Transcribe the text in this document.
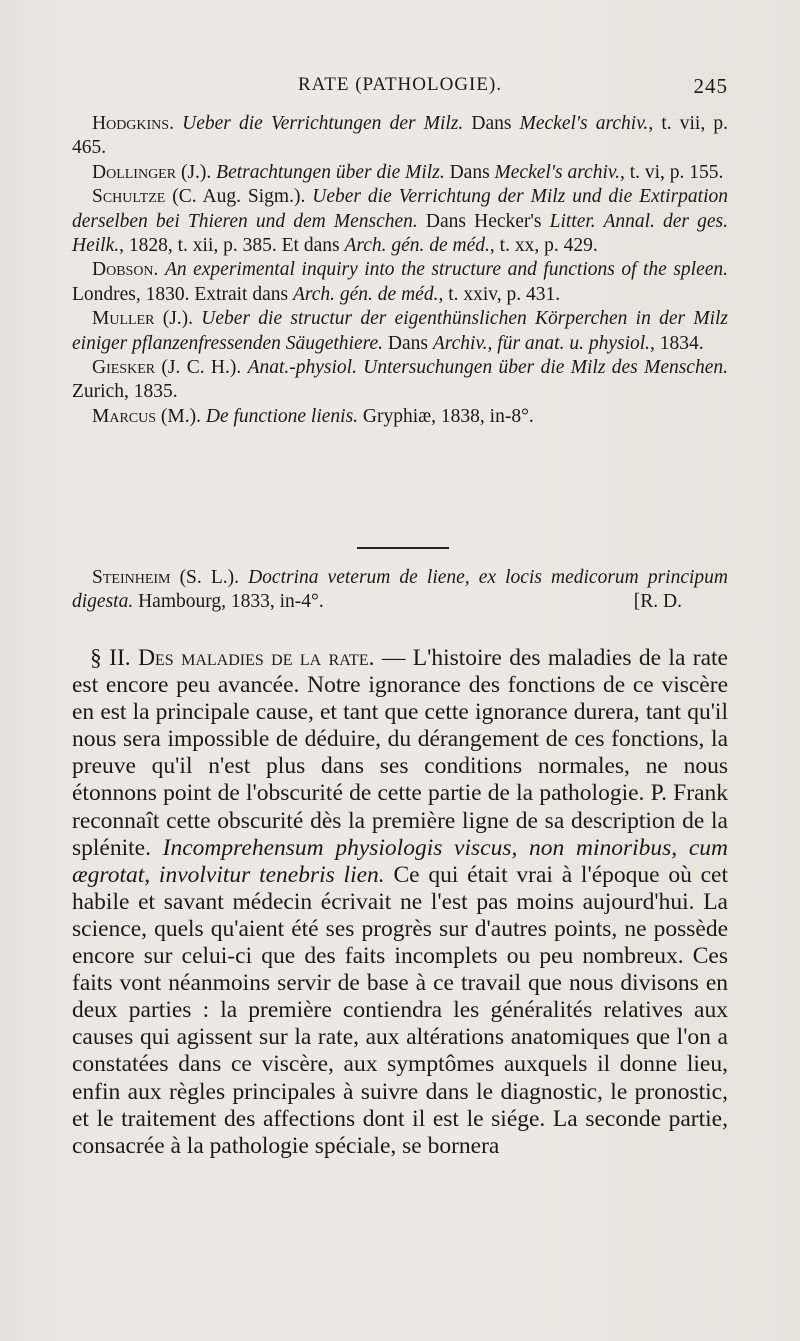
RATE (PATHOLOGIE).	245

Hodgkins. Ueber die Verrichtungen der Milz. Dans Meckel's archiv., t. vii, p. 465.

Dollinger (J.). Betrachtungen über die Milz. Dans Meckel's archiv., t. vi, p. 155.

Schultze (C. Aug. Sigm.). Ueber die Verrichtung der Milz und die Extirpation derselben bei Thieren und dem Menschen. Dans Hecker's Litter. Annal. der ges. Heilk., 1828, t. xii, p. 385. Et dans Arch. gén. de méd., t. xx, p. 429.

Dobson. An experimental inquiry into the structure and functions of the spleen. Londres, 1830. Extrait dans Arch. gén. de méd., t. xxiv, p. 431.

Muller (J.). Ueber die structur der eigenthünslichen Körperchen in der Milz einiger pflanzenfressenden Säugethiere. Dans Archiv., für anat. u. physiol., 1834.

Giesker (J. C. H.). Anat.-physiol. Untersuchungen über die Milz des Menschen. Zurich, 1835.

Marcus (M.). De functione lienis. Gryphiæ, 1838, in-8°.

Steinheim (S. L.). Doctrina veterum de liene, ex locis medicorum principum digesta. Hambourg, 1833, in-4°.	[R. D.

§ II. Des maladies de la rate. — L'histoire des maladies de la rate est encore peu avancée. Notre ignorance des fonctions de ce viscère en est la principale cause, et tant que cette ignorance durera, tant qu'il nous sera impossible de déduire, du dérangement de ces fonctions, la preuve qu'il n'est plus dans ses conditions normales, ne nous étonnons point de l'obscurité de cette partie de la pathologie. P. Frank reconnaît cette obscurité dès la première ligne de sa description de la splénite. Incomprehensum physiologis viscus, non minoribus, cum ægrotat, involvitur tenebris lien. Ce qui était vrai à l'époque où cet habile et savant médecin écrivait ne l'est pas moins aujourd'hui. La science, quels qu'aient été ses progrès sur d'autres points, ne possède encore sur celui-ci que des faits incomplets ou peu nombreux. Ces faits vont néanmoins servir de base à ce travail que nous divisons en deux parties : la première contiendra les généralités relatives aux causes qui agissent sur la rate, aux altérations anatomiques que l'on a constatées dans ce viscère, aux symptômes auxquels il donne lieu, enfin aux règles principales à suivre dans le diagnostic, le pronostic, et le traitement des affections dont il est le siége. La seconde partie, consacrée à la pathologie spéciale, se bornera
